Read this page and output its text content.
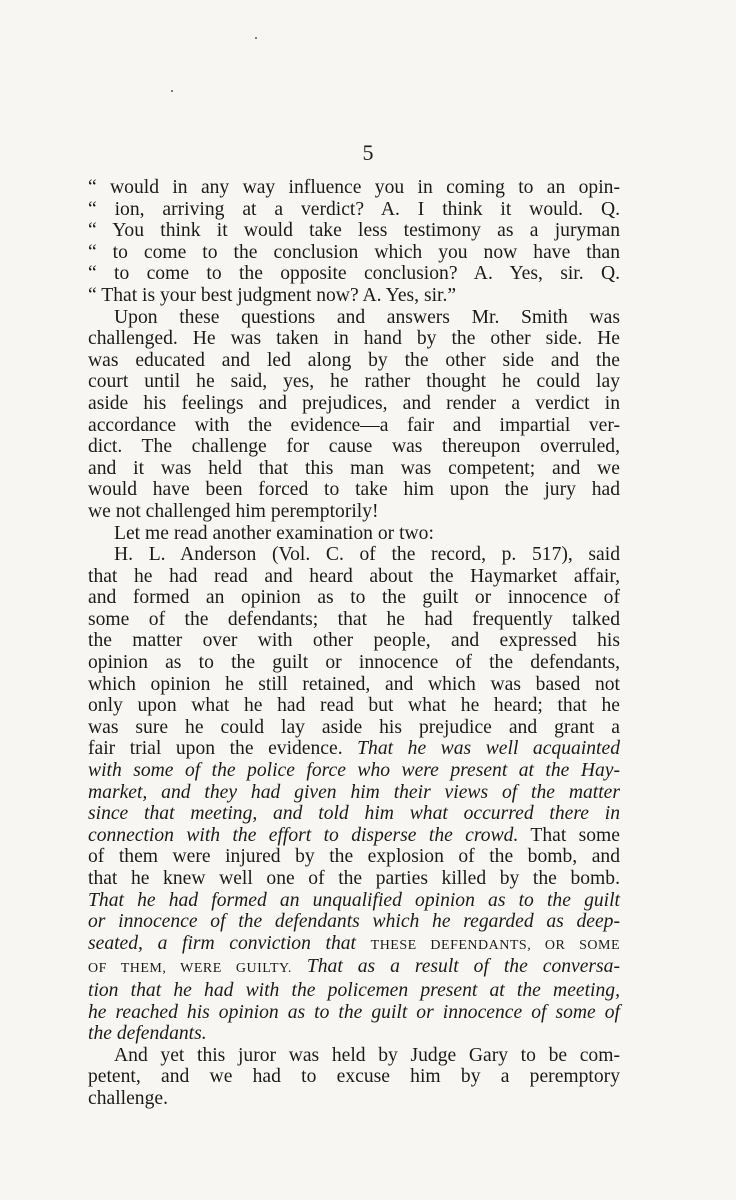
5
“ would in any way influence you in coming to an opin-
“ ion, arriving at a verdict? A. I think it would. Q.
“ You think it would take less testimony as a juryman
“ to come to the conclusion which you now have than
“ to come to the opposite conclusion? A. Yes, sir. Q.
“ That is your best judgment now? A. Yes, sir.”
Upon these questions and answers Mr. Smith was
challenged. He was taken in hand by the other side. He
was educated and led along by the other side and the
court until he said, yes, he rather thought he could lay
aside his feelings and prejudices, and render a verdict in
accordance with the evidence—a fair and impartial ver-
dict. The challenge for cause was thereupon overruled,
and it was held that this man was competent; and we
would have been forced to take him upon the jury had
we not challenged him peremptorily!
Let me read another examination or two:
H. L. Anderson (Vol. C. of the record, p. 517), said
that he had read and heard about the Haymarket affair,
and formed an opinion as to the guilt or innocence of
some of the defendants; that he had frequently talked
the matter over with other people, and expressed his
opinion as to the guilt or innocence of the defendants,
which opinion he still retained, and which was based not
only upon what he had read but what he heard; that he
was sure he could lay aside his prejudice and grant a
fair trial upon the evidence. That he was well acquainted
with some of the police force who were present at the Hay-
market, and they had given him their views of the matter
since that meeting, and told him what occurred there in
connection with the effort to disperse the crowd. That some
of them were injured by the explosion of the bomb, and
that he knew well one of the parties killed by the bomb.
That he had formed an unqualified opinion as to the guilt
or innocence of the defendants which he regarded as deep-
seated, a firm conviction that THESE DEFENDANTS, OR SOME
OF THEM, WERE GUILTY. That as a result of the conversa-
tion that he had with the policemen present at the meeting,
he reached his opinion as to the guilt or innocence of some of
the defendants.
And yet this juror was held by Judge Gary to be com-
petent, and we had to excuse him by a peremptory
challenge.
